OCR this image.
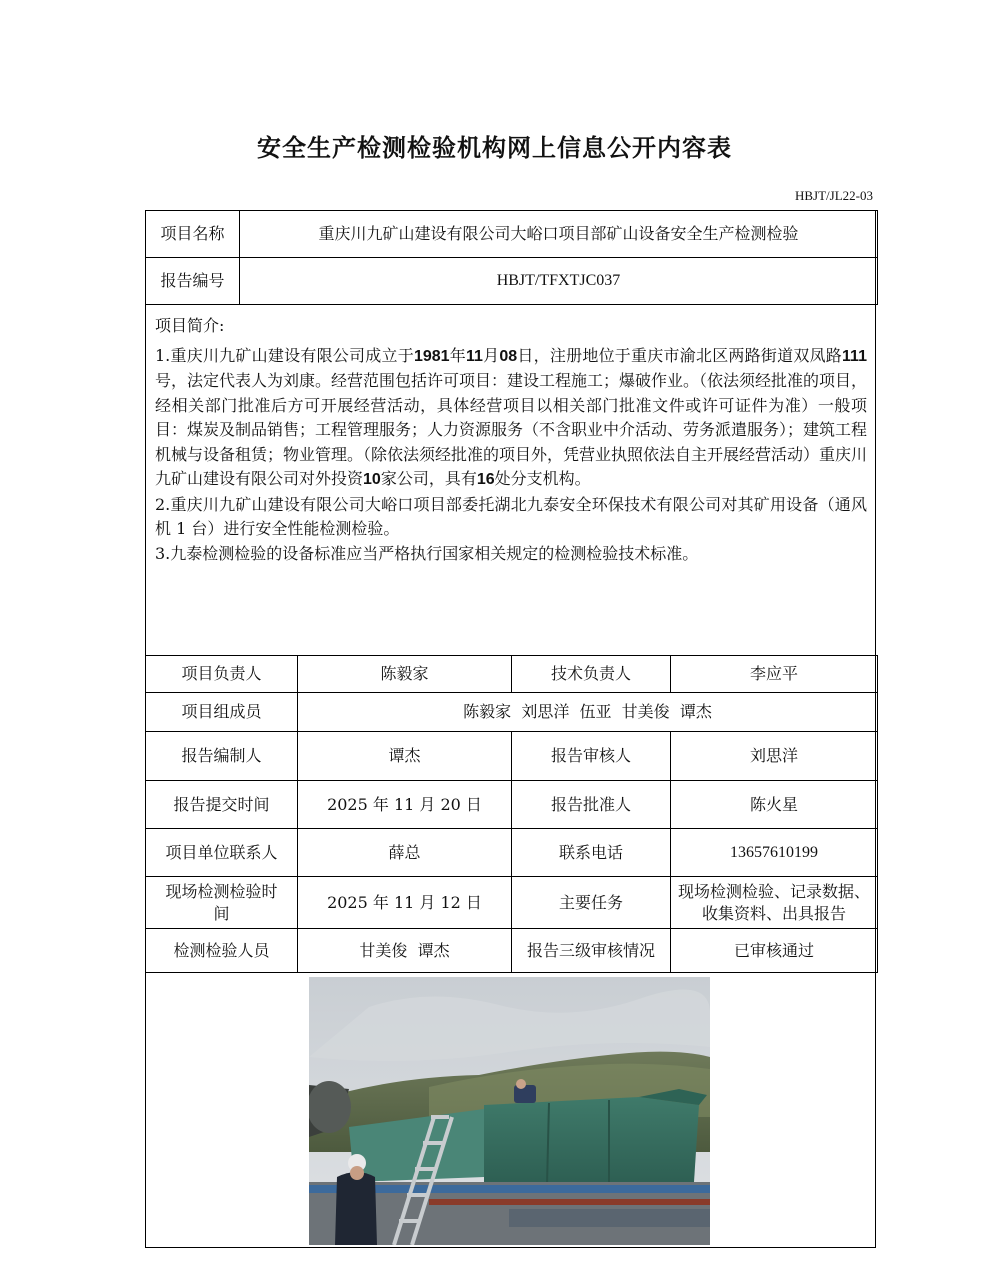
安全生产检测检验机构网上信息公开内容表
HBJT/JL22-03
项目名称	重庆川九矿山建设有限公司大峪口项目部矿山设备安全生产检测检验
报告编号	HBJT/TFXTJC037

项目简介:

1.重庆川九矿山建设有限公司成立于1981年11月08日，注册地位于重庆市渝北区两路街道双凤路111号，法定代表人为刘康。经营范围包括许可项目：建设工程施工；爆破作业。（依法须经批准的项目，经相关部门批准后方可开展经营活动，具体经营项目以相关部门批准文件或许可证件为准）一般项目：煤炭及制品销售；工程管理服务；人力资源服务（不含职业中介活动、劳务派遣服务）；建筑工程机械与设备租赁；物业管理。（除依法须经批准的项目外，凭营业执照依法自主开展经营活动）重庆川九矿山建设有限公司对外投资10家公司，具有16处分支机构。

2.重庆川九矿山建设有限公司大峪口项目部委托湖北九泰安全环保技术有限公司对其矿用设备（通风机 1 台）进行安全性能检测检验。

3.九泰检测检验的设备标准应当严格执行国家相关规定的检测检验技术标准。

项目负责人	陈毅家	技术负责人	李应平
项目组成员	陈毅家  刘思洋  伍亚  甘美俊  谭杰		
报告编制人	谭杰	报告审核人	刘思洋
报告提交时间	2025 年 11 月 20 日	报告批准人	陈火星
项目单位联系人	薛总	联系电话	13657610199
现场检测检验时间	2025 年 11 月 12 日	主要任务	现场检测检验、记录数据、收集资料、出具报告
检测检验人员	甘美俊  谭杰	报告三级审核情况	已审核通过
